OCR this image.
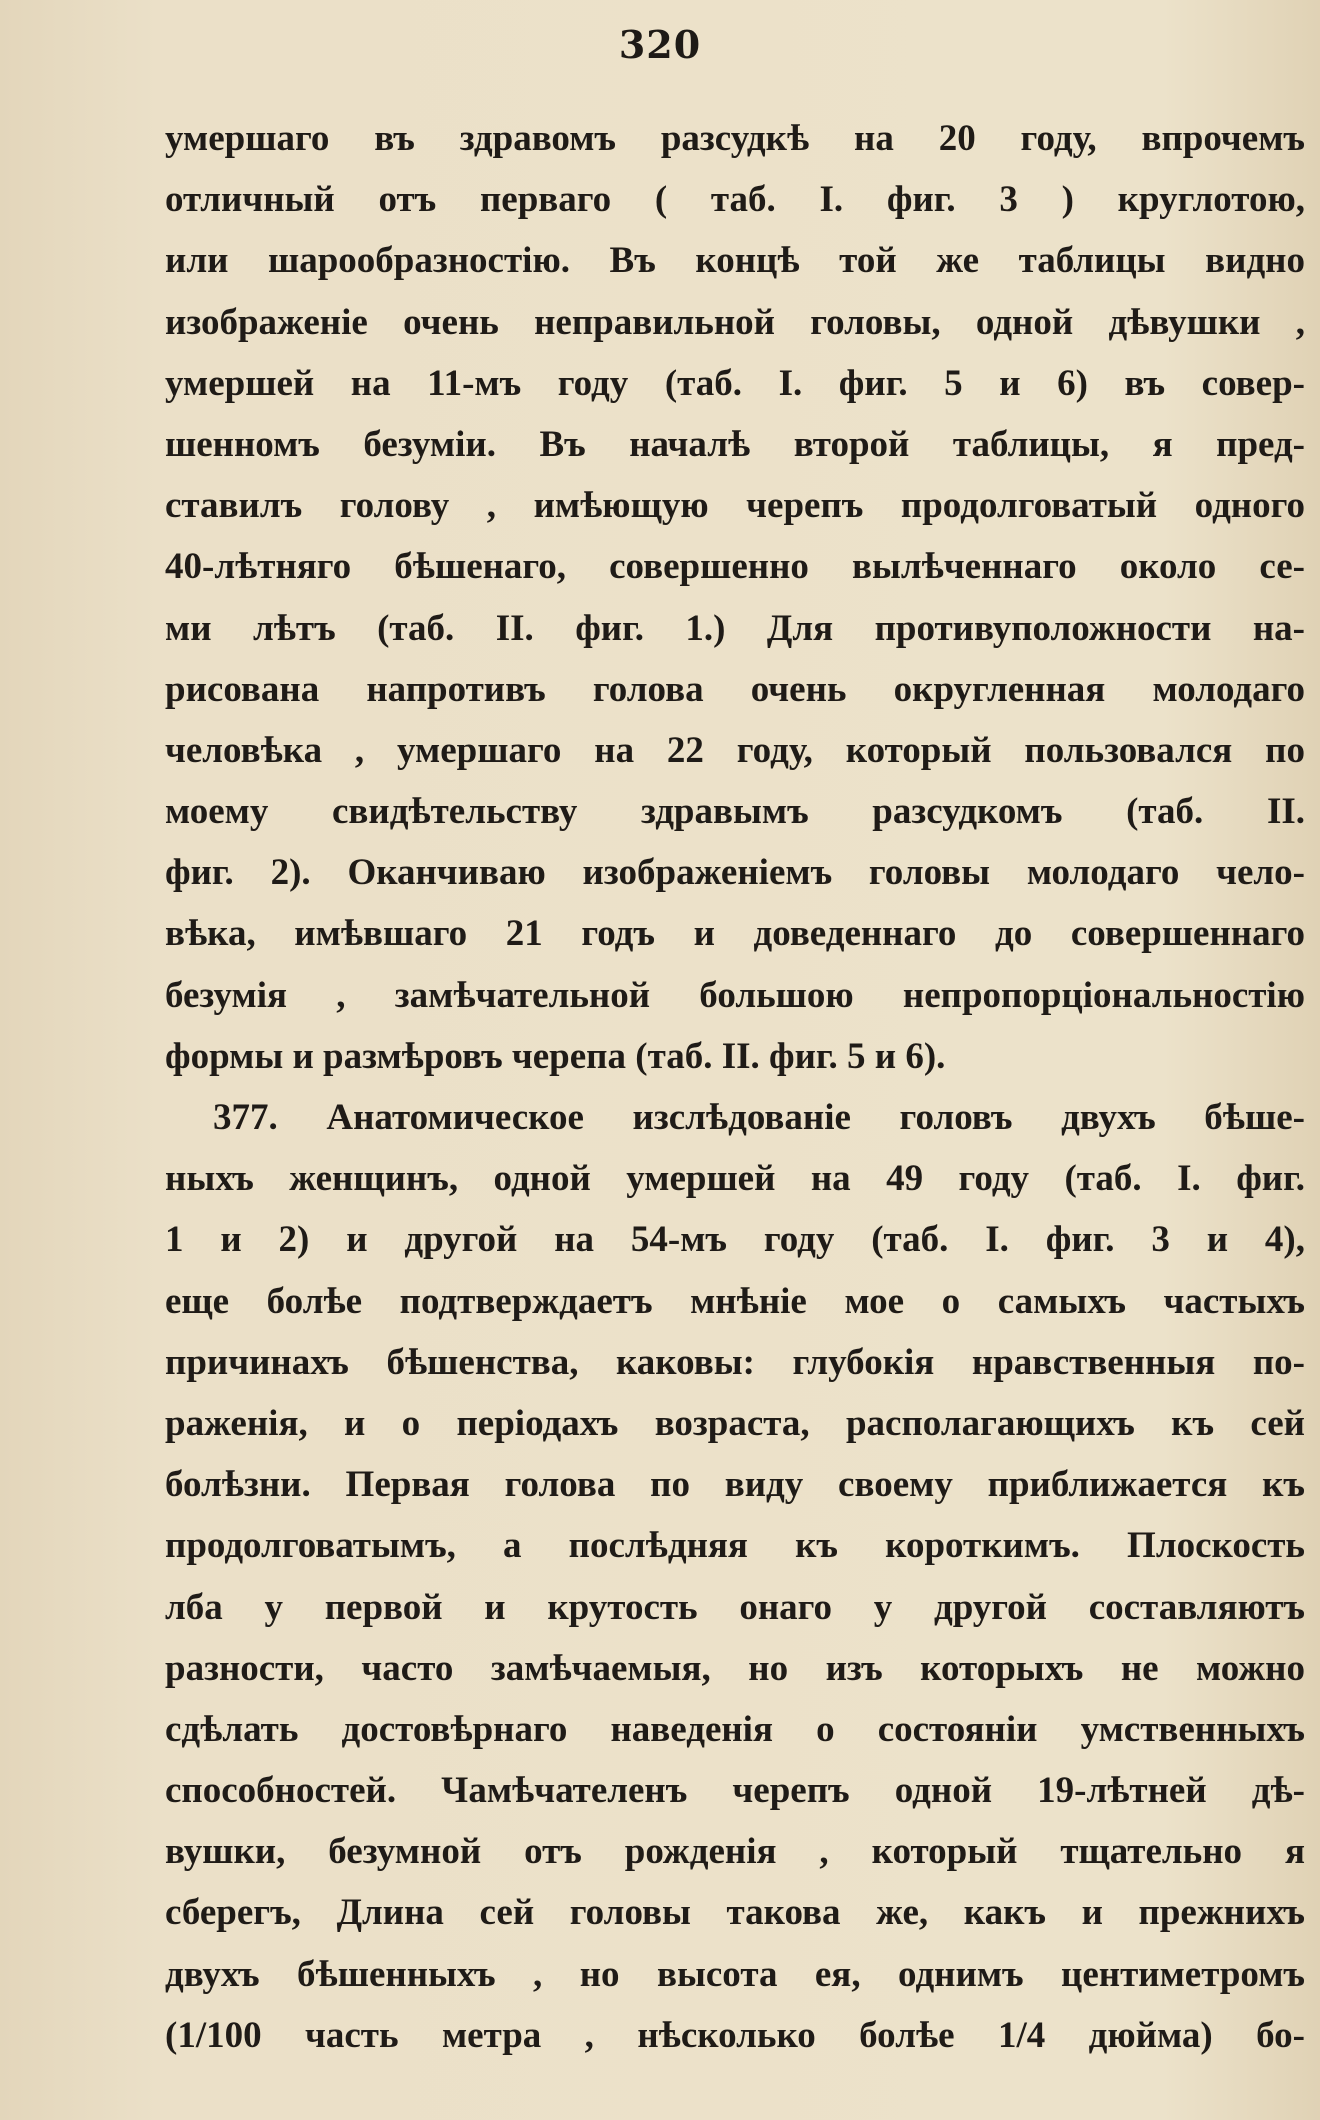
320
умершаго въ здравомъ разсудкѣ на 20 году, впрочемъ
отличный отъ перваго ( таб. I. фиг. 3 ) круглотою,
или шарообразностію. Въ концѣ той же таблицы видно
изображеніе очень неправильной головы, одной дѣвушки ,
умершей на 11-мъ году (таб. I. фиг. 5 и 6) въ совер-
шенномъ безуміи. Въ началѣ второй таблицы, я пред-
ставилъ голову , имѣющую черепъ продолговатый одного
40-лѣтняго бѣшенаго, совершенно вылѣченнаго около се-
ми лѣтъ (таб. II. фиг. 1.) Для противуположности на-
рисована напротивъ голова очень округленная молодаго
человѣка , умершаго на 22 году, который пользовался по
моему свидѣтельству здравымъ разсудкомъ (таб. II.
фиг. 2). Оканчиваю изображеніемъ головы молодаго чело-
вѣка, имѣвшаго 21 годъ и доведеннаго до совершеннаго
безумія , замѣчательной большою непропорціональностію
формы и размѣровъ черепа (таб. II. фиг. 5 и 6).
377. Анатомическое изслѣдованіе головъ двухъ бѣше-
ныхъ женщинъ, одной умершей на 49 году (таб. I. фиг.
1 и 2) и другой на 54-мъ году (таб. I. фиг. 3 и 4),
еще болѣе подтверждаетъ мнѣніе мое о самыхъ частыхъ
причинахъ бѣшенства, каковы: глубокія нравственныя по-
раженія, и о періодахъ возраста, располагающихъ къ сей
болѣзни. Первая голова по виду своему приближается къ
продолговатымъ, а послѣдняя къ короткимъ. Плоскость
лба у первой и крутость онаго у другой составляютъ
разности, часто замѣчаемыя, но изъ которыхъ не можно
сдѣлать достовѣрнаго наведенія о состояніи умственныхъ
способностей. Чамѣчателенъ черепъ одной 19-лѣтней дѣ-
вушки, безумной отъ рожденія , который тщательно я
сберегъ, Длина сей головы такова же, какъ и прежнихъ
двухъ бѣшенныхъ , но высота ея, однимъ центиметромъ
(1/100 часть метра , нѣсколько болѣе 1/4 дюйма) бо-
